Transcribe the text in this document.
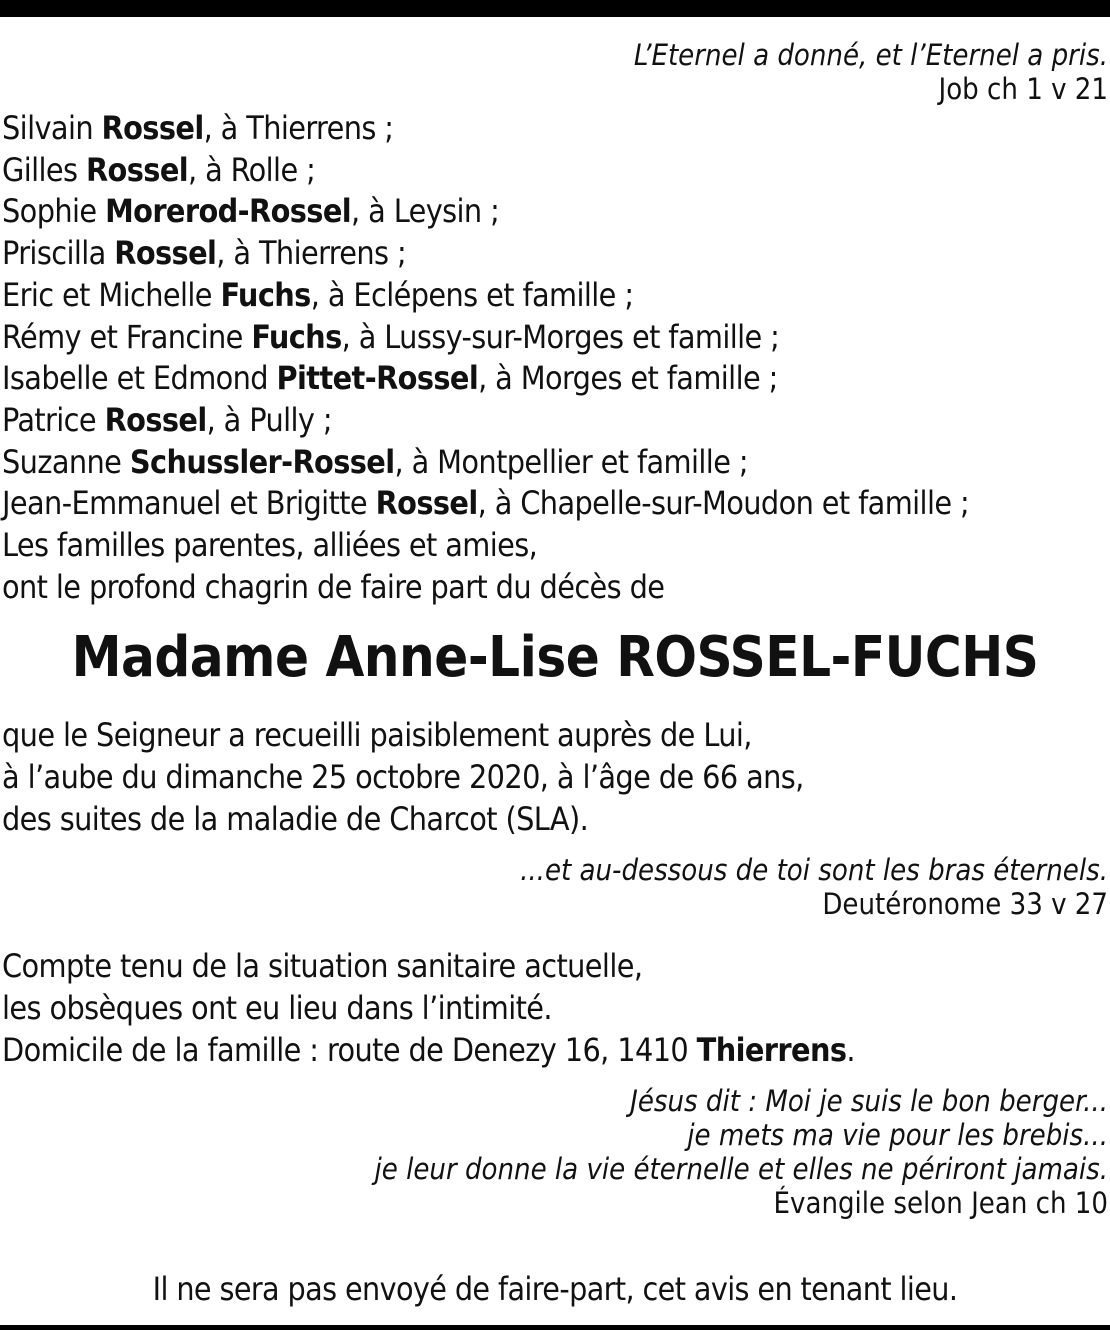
L’Eternel a donné, et l’Eternel a pris.
Job ch 1 v 21
Silvain Rossel, à Thierrens ;
Gilles Rossel, à Rolle ;
Sophie Morerod-Rossel, à Leysin ;
Priscilla Rossel, à Thierrens ;
Eric et Michelle Fuchs, à Eclépens et famille ;
Rémy et Francine Fuchs, à Lussy-sur-Morges et famille ;
Isabelle et Edmond Pittet-Rossel, à Morges et famille ;
Patrice Rossel, à Pully ;
Suzanne Schussler-Rossel, à Montpellier et famille ;
Jean-Emmanuel et Brigitte Rossel, à Chapelle-sur-Moudon et famille ;
Les familles parentes, alliées et amies,
ont le profond chagrin de faire part du décès de
Madame Anne-Lise ROSSEL-FUCHS
que le Seigneur a recueilli paisiblement auprès de Lui,
à l’aube du dimanche 25 octobre 2020, à l’âge de 66 ans,
des suites de la maladie de Charcot (SLA).
...et au-dessous de toi sont les bras éternels.
Deutéronome 33 v 27
Compte tenu de la situation sanitaire actuelle,
les obsèques ont eu lieu dans l’intimité.
Domicile de la famille : route de Denezy 16, 1410 Thierrens.
Jésus dit : Moi je suis le bon berger...
je mets ma vie pour les brebis...
je leur donne la vie éternelle et elles ne périront jamais.
Évangile selon Jean ch 10
Il ne sera pas envoyé de faire-part, cet avis en tenant lieu.
